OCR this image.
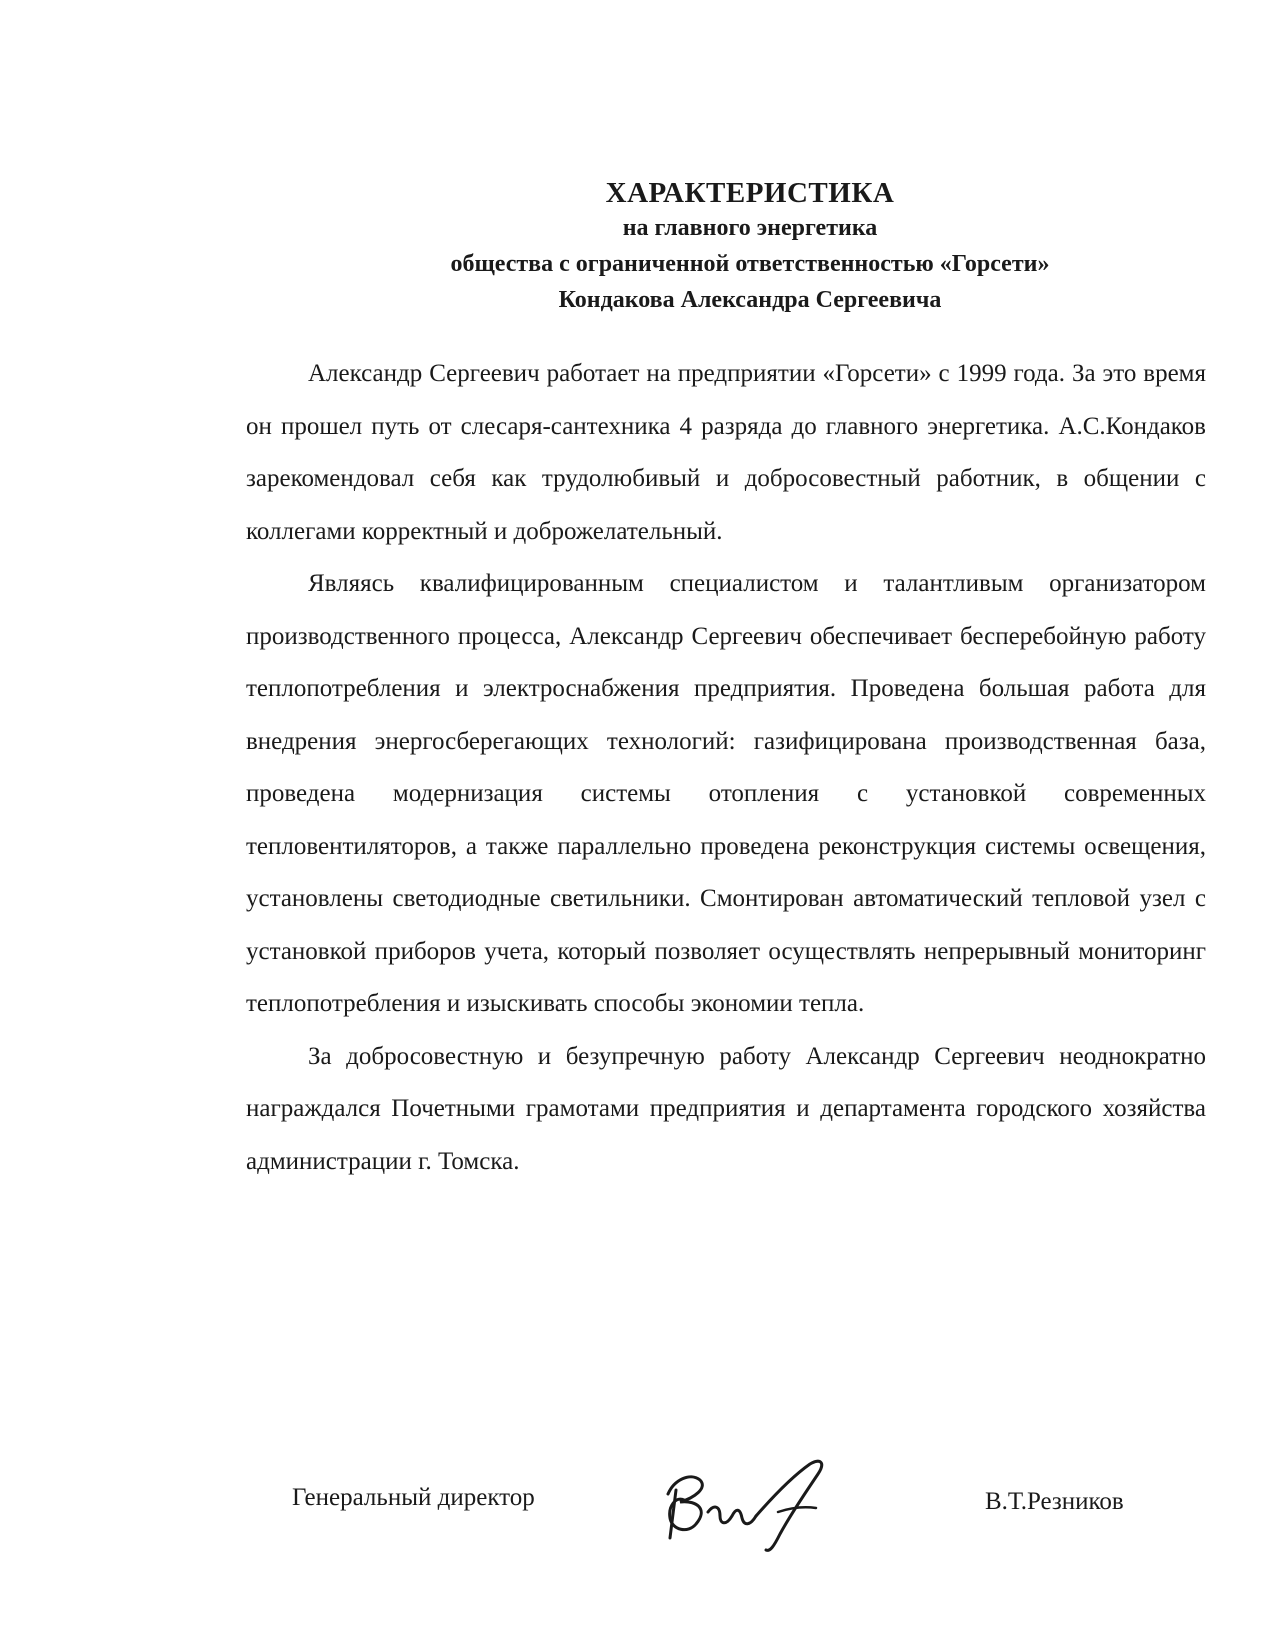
ХАРАКТЕРИСТИКА
на главного энергетика
общества с ограниченной ответственностью «Горсети»
Кондакова Александра Сергеевича

Александр Сергеевич работает на предприятии «Горсети» с 1999 года. За это время он прошел путь от слесаря-сантехника 4 разряда до главного энергетика. А.С.Кондаков зарекомендовал себя как трудолюбивый и добросовестный работник, в общении с коллегами корректный и доброжелательный.

Являясь квалифицированным специалистом и талантливым организатором производственного процесса, Александр Сергеевич обеспечивает бесперебойную работу теплопотребления и электроснабжения предприятия. Проведена большая работа для внедрения энергосберегающих технологий: газифицирована производственная база, проведена модернизация системы отопления с установкой современных тепловентиляторов, а также параллельно проведена реконструкция системы освещения, установлены светодиодные светильники. Смонтирован автоматический тепловой узел с установкой приборов учета, который позволяет осуществлять непрерывный мониторинг теплопотребления и изыскивать способы экономии тепла.

За добросовестную и безупречную работу Александр Сергеевич неоднократно награждался Почетными грамотами предприятия и департамента городского хозяйства администрации г. Томска.

Генеральный директор	В.Т.Резников
